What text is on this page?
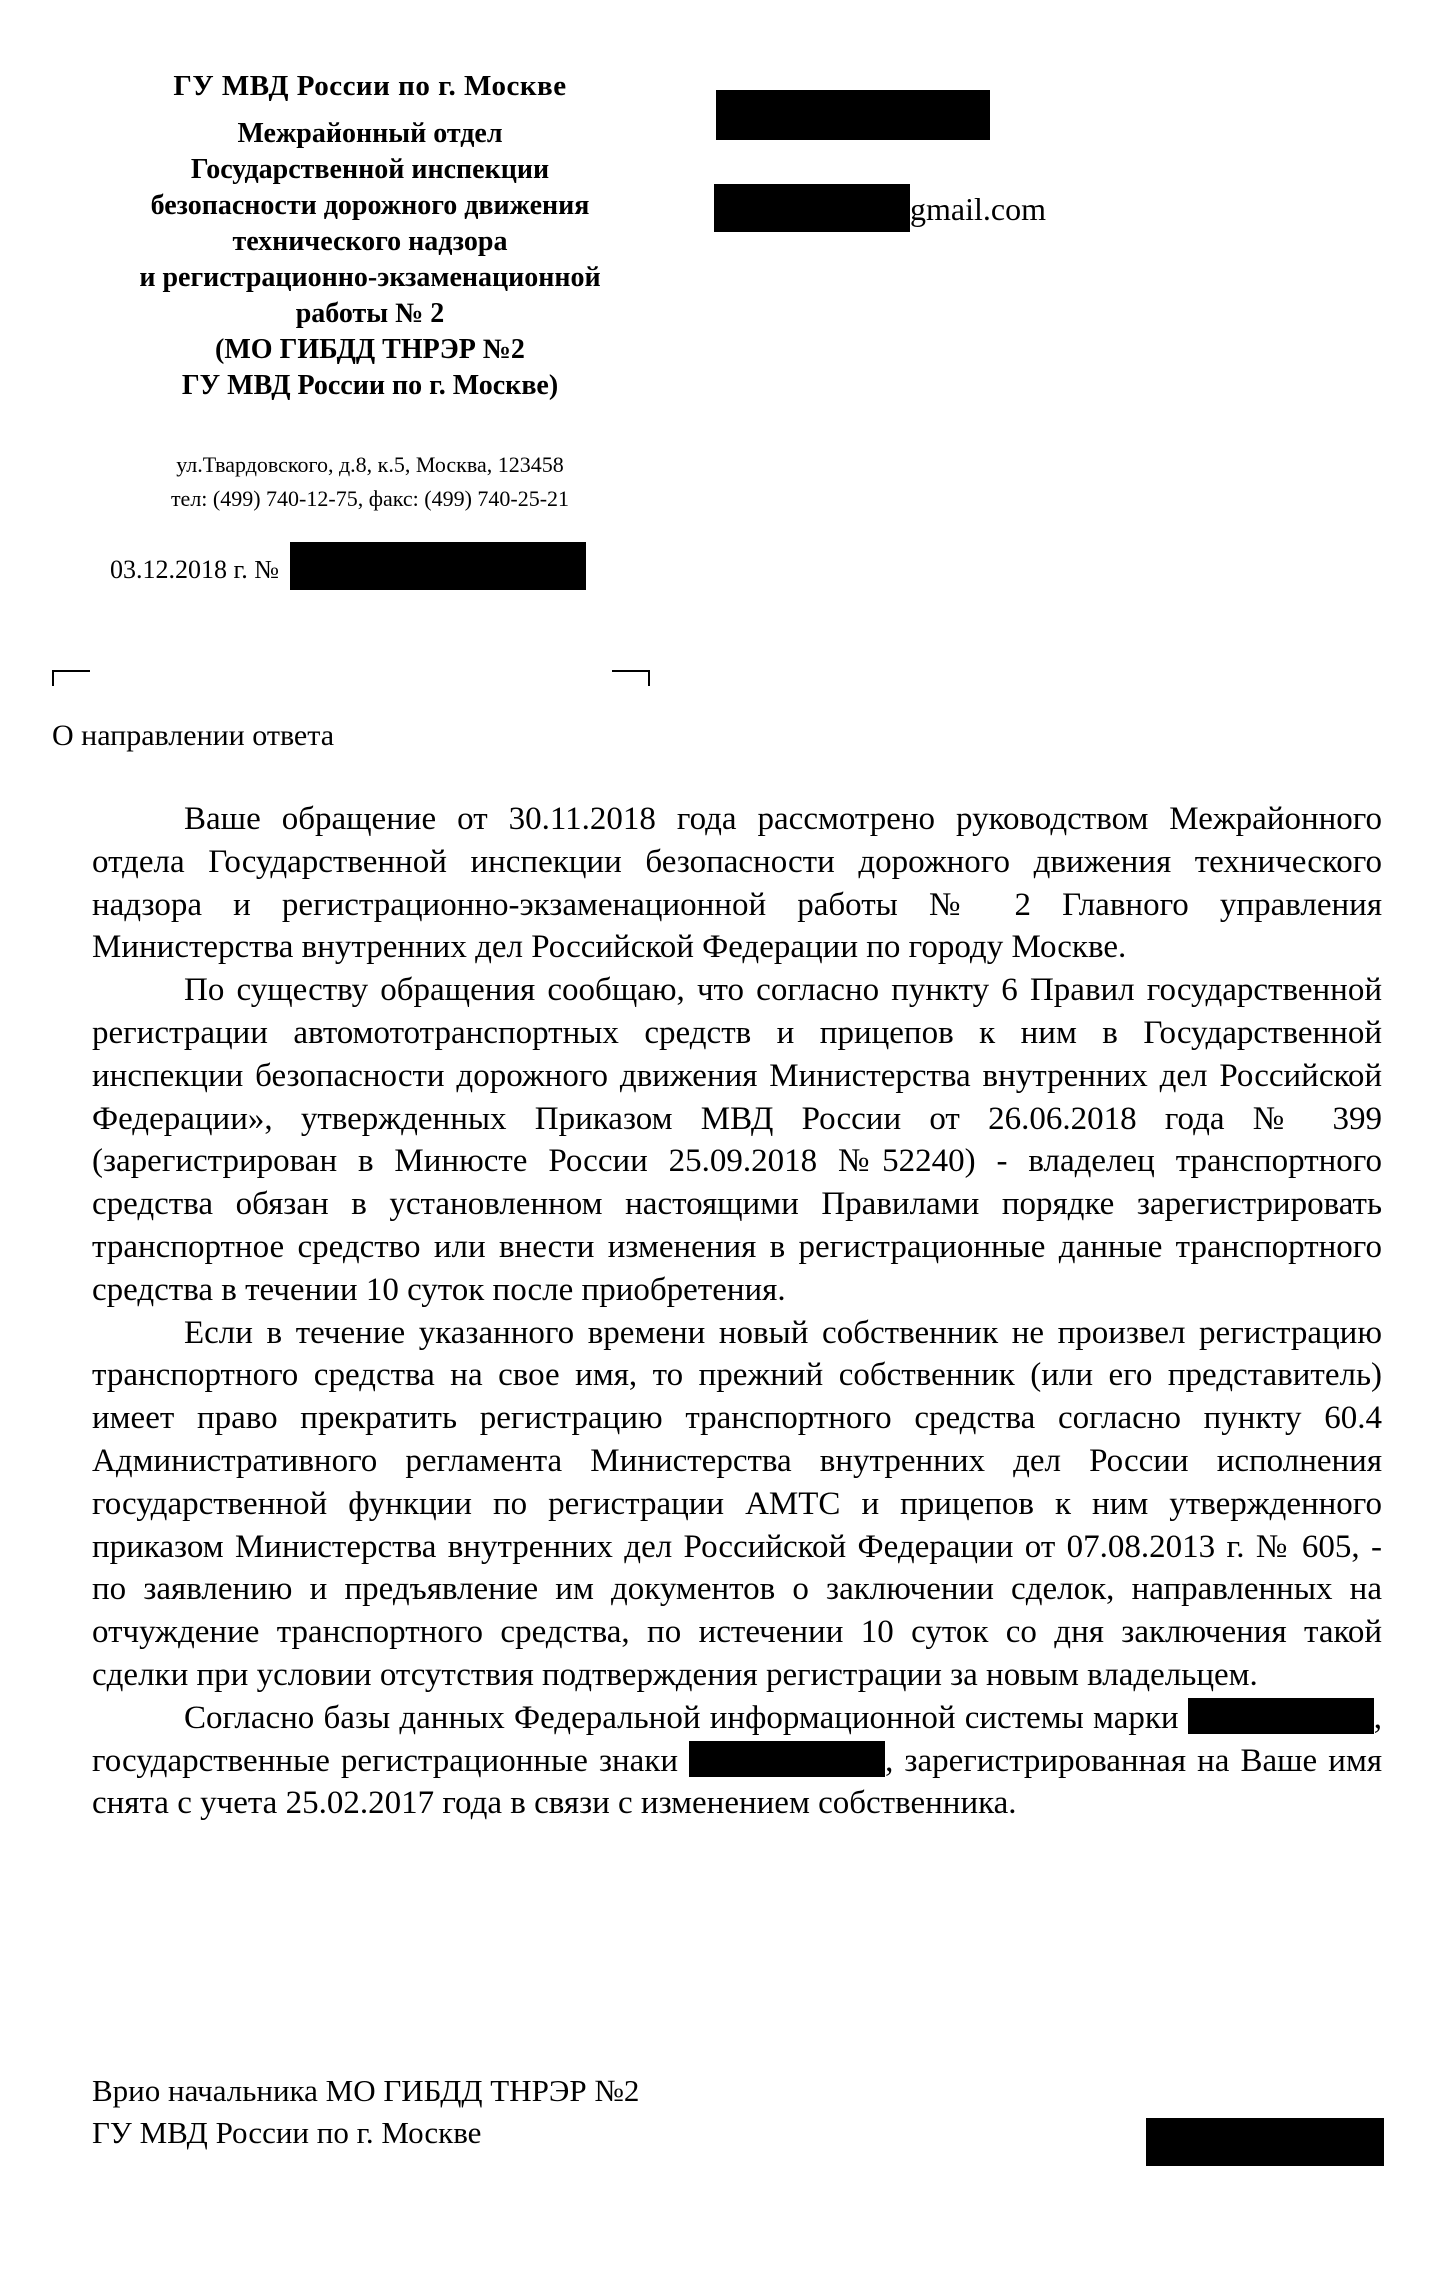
ГУ МВД России по г. Москве
Межрайонный отдел
Государственной инспекции
безопасности дорожного движения
технического надзора
и регистрационно-экзаменационной
работы № 2
(МО ГИБДД ТНРЭР №2
ГУ МВД России по г. Москве)
ул.Твардовского, д.8, к.5, Москва, 123458
тел: (499) 740-12-75, факс: (499) 740-25-21
03.12.2018 г. №
gmail.com
О направлении ответа

Ваше обращение от 30.11.2018 года рассмотрено руководством Межрайонного отдела Государственной инспекции безопасности дорожного движения технического надзора и регистрационно-экзаменационной работы № 2 Главного управления Министерства внутренних дел Российской Федерации по городу Москве.

По существу обращения сообщаю, что согласно пункту 6 Правил государственной регистрации автомототранспортных средств и прицепов к ним в Государственной инспекции безопасности дорожного движения Министерства внутренних дел Российской Федерации», утвержденных Приказом МВД России от 26.06.2018 года № 399 (зарегистрирован в Минюсте России 25.09.2018 №52240) - владелец транспортного средства обязан в установленном настоящими Правилами порядке зарегистрировать транспортное средство или внести изменения в регистрационные данные транспортного средства в течении 10 суток после приобретения.

Если в течение указанного времени новый собственник не произвел регистрацию транспортного средства на свое имя, то прежний собственник (или его представитель) имеет право прекратить регистрацию транспортного средства согласно пункту 60.4 Административного регламента Министерства внутренних дел России исполнения государственной функции по регистрации АМТС и прицепов к ним утвержденного приказом Министерства внутренних дел Российской Федерации от 07.08.2013 г. № 605, - по заявлению и предъявление им документов о заключении сделок, направленных на отчуждение транспортного средства, по истечении 10 суток со дня заключения такой сделки при условии отсутствия подтверждения регистрации за новым владельцем.

Согласно базы данных Федеральной информационной системы марки	, государственные регистрационные знаки	, зарегистрированная на Ваше имя снята с учета 25.02.2017 года в связи с изменением собственника.

Врио начальника МО ГИБДД ТНРЭР №2
ГУ МВД России по г. Москве
